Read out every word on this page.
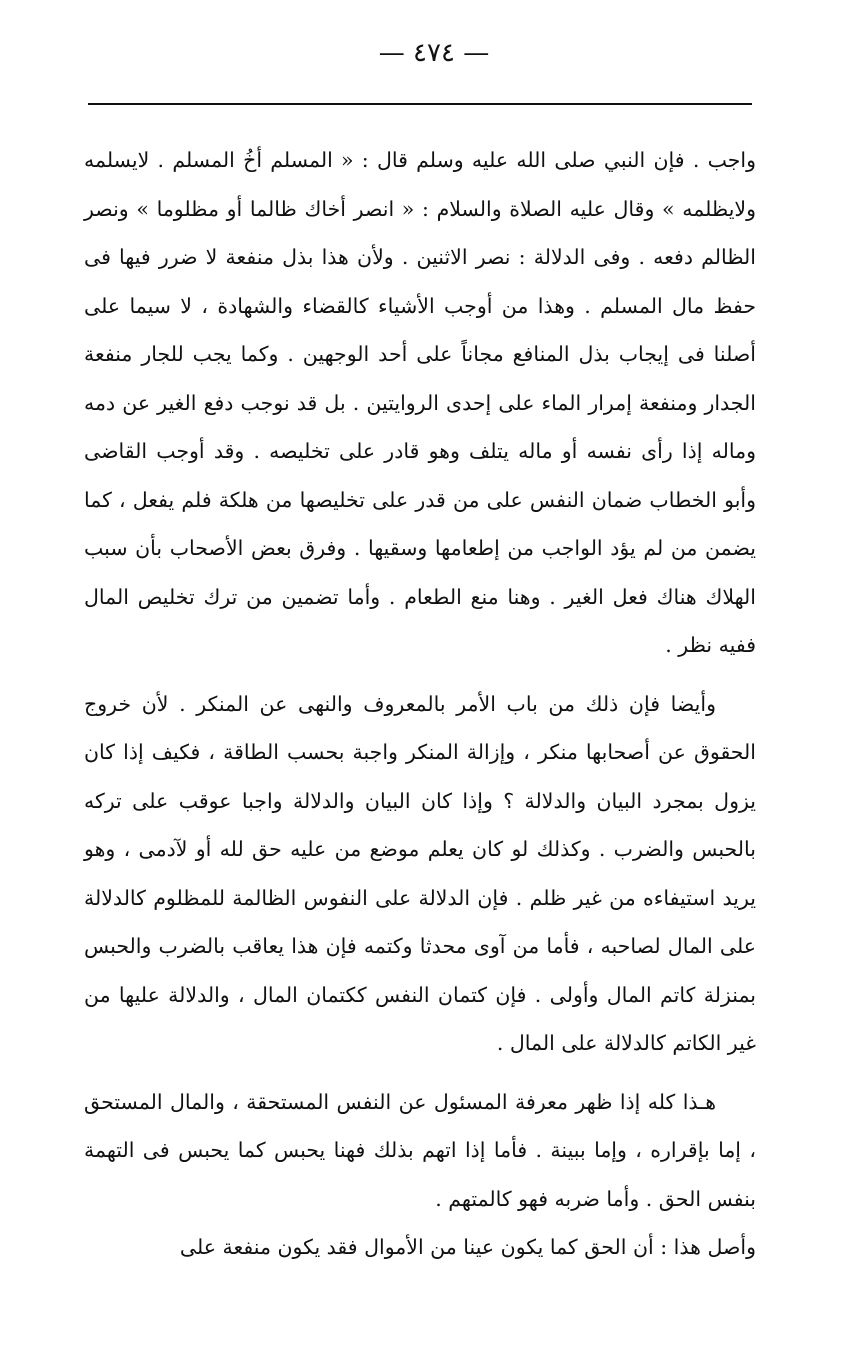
— ٤٧٤ —

واجب . فإن النبي صلى الله عليه وسلم قال : « المسلم أخُ المسلم . لايسلمه ولايظلمه » وقال عليه الصلاة والسلام : « انصر أخاك ظالما أو مظلوما » ونصر الظالم دفعه . وفى الدلالة : نصر الاثنين . ولأن هذا بذل منفعة لا ضرر فيها فى حفظ مال المسلم . وهذا من أوجب الأشياء كالقضاء والشهادة ، لا سيما على أصلنا فى إيجاب بذل المنافع مجاناً على أحد الوجهين . وكما يجب للجار منفعة الجدار ومنفعة إمرار الماء على إحدى الروايتين . بل قد نوجب دفع الغير عن دمه وماله إذا رأى نفسه أو ماله يتلف وهو قادر على تخليصه . وقد أوجب القاضى وأبو الخطاب ضمان النفس على من قدر على تخليصها من هلكة فلم يفعل ، كما يضمن من لم يؤد الواجب من إطعامها وسقيها . وفرق بعض الأصحاب بأن سبب الهلاك هناك فعل الغير . وهنا منع الطعام . وأما تضمين من ترك تخليص المال ففيه نظر .

وأيضا فإن ذلك من باب الأمر بالمعروف والنهى عن المنكر . لأن خروج الحقوق عن أصحابها منكر ، وإزالة المنكر واجبة بحسب الطاقة ، فكيف إذا كان يزول بمجرد البيان والدلالة ؟ وإذا كان البيان والدلالة واجبا عوقب على تركه بالحبس والضرب . وكذلك لو كان يعلم موضع من عليه حق لله أو لآدمى ، وهو يريد استيفاءه من غير ظلم . فإن الدلالة على النفوس الظالمة للمظلوم كالدلالة على المال لصاحبه ، فأما من آوى محدثا وكتمه فإن هذا يعاقب بالضرب والحبس بمنزلة كاتم المال وأولى . فإن كتمان النفس ككتمان المال ، والدلالة عليها من غير الكاتم كالدلالة على المال .

هـذا كله إذا ظهر معرفة المسئول عن النفس المستحقة ، والمال المستحق ، إما بإقراره ، وإما ببينة . فأما إذا اتهم بذلك فهنا يحبس كما يحبس فى التهمة بنفس الحق . وأما ضربه فهو كالمتهم .

وأصل هذا : أن الحق كما يكون عينا من الأموال فقد يكون منفعة على
